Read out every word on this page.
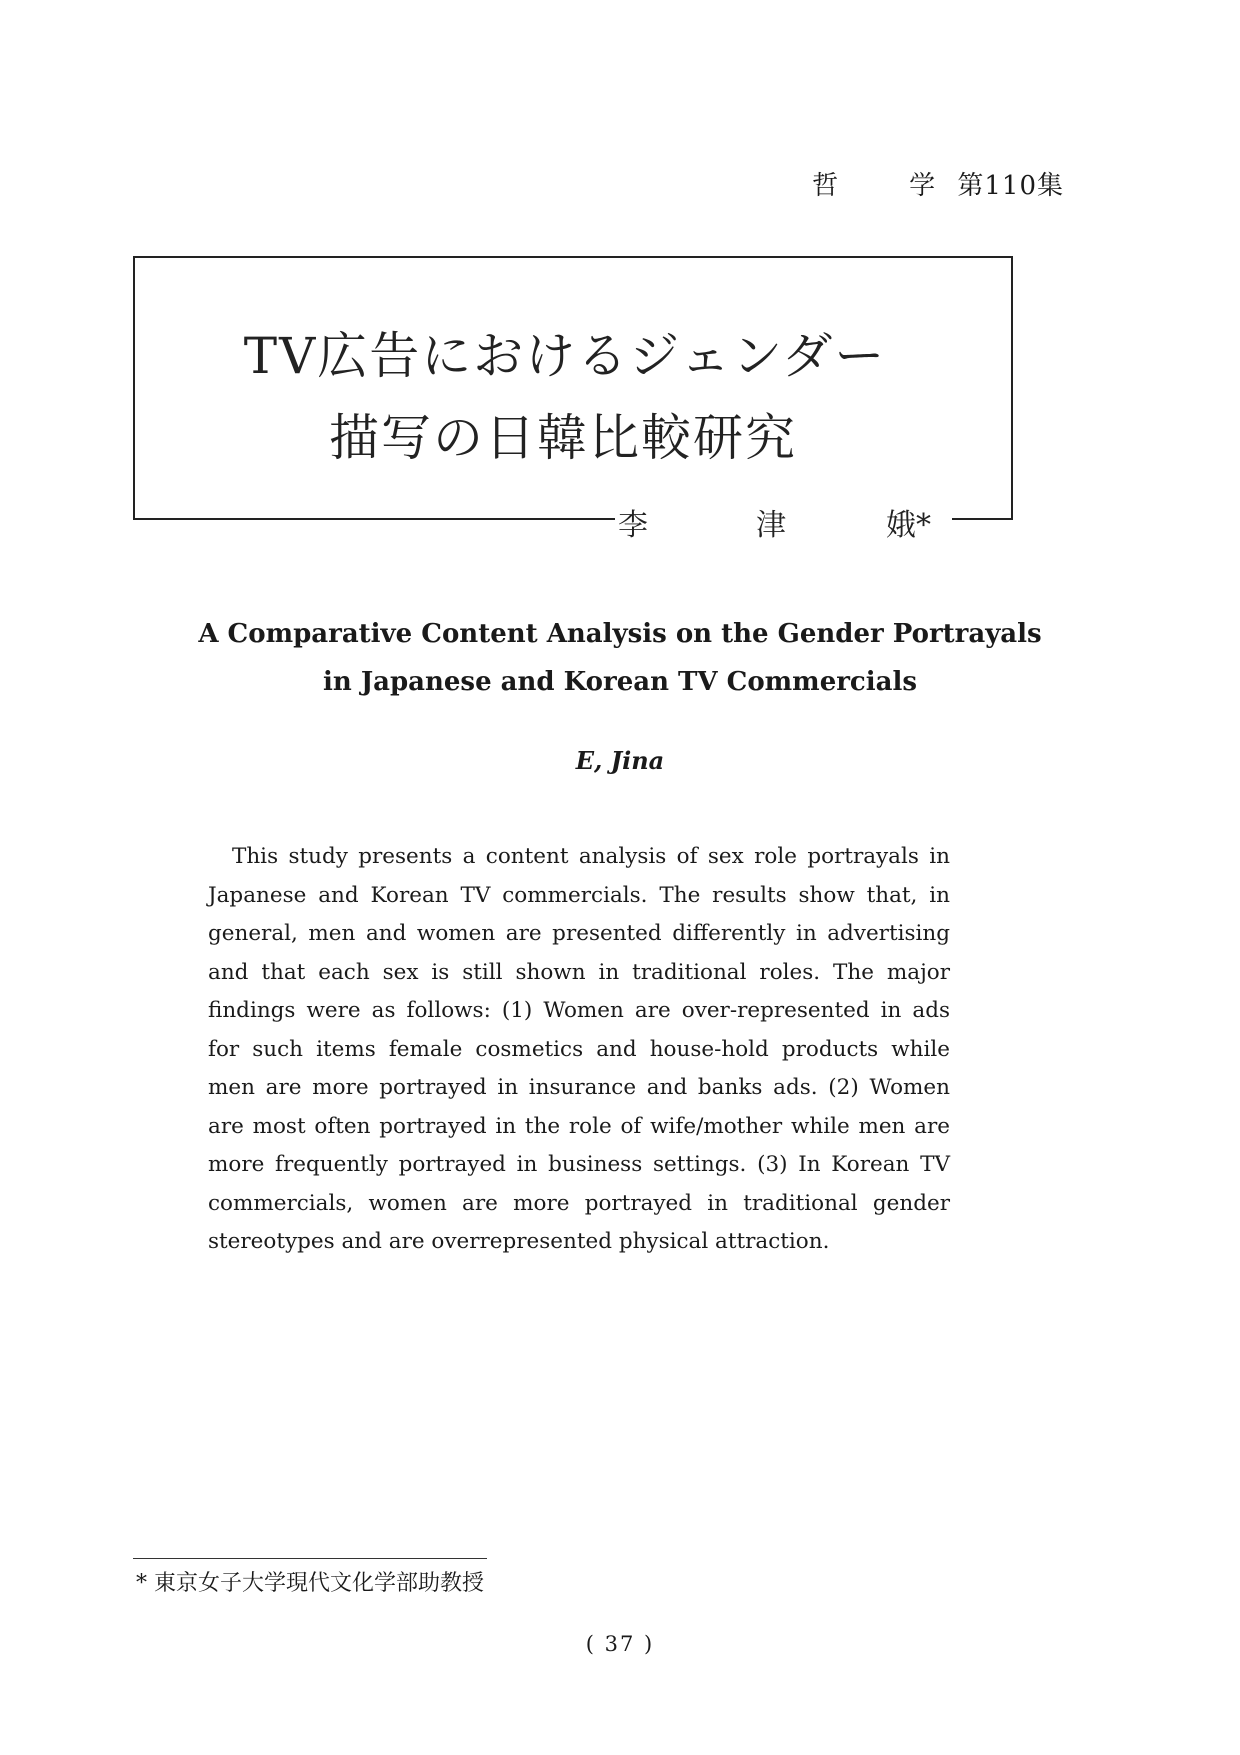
哲	学 第110集
TV広告におけるジェンダー
描写の日韓比較研究
李	津	娥*
A Comparative Content Analysis on the Gender Portrayals
in Japanese and Korean TV Commercials
E, Jina

This study presents a content analysis of sex role portrayals in Japanese and Korean TV commercials. The results show that, in general, men and women are presented differently in advertising and that each sex is still shown in traditional roles. The major findings were as follows: (1) Women are over-represented in ads for such items female cosmetics and house-hold products while men are more portrayed in insurance and banks ads. (2) Women are most often portrayed in the role of wife/mother while men are more frequently portrayed in business settings. (3) In Korean TV commercials, women are more portrayed in traditional gender stereotypes and are overrepresented physical attraction.

* 東京女子大学現代文化学部助教授
( 37 )
